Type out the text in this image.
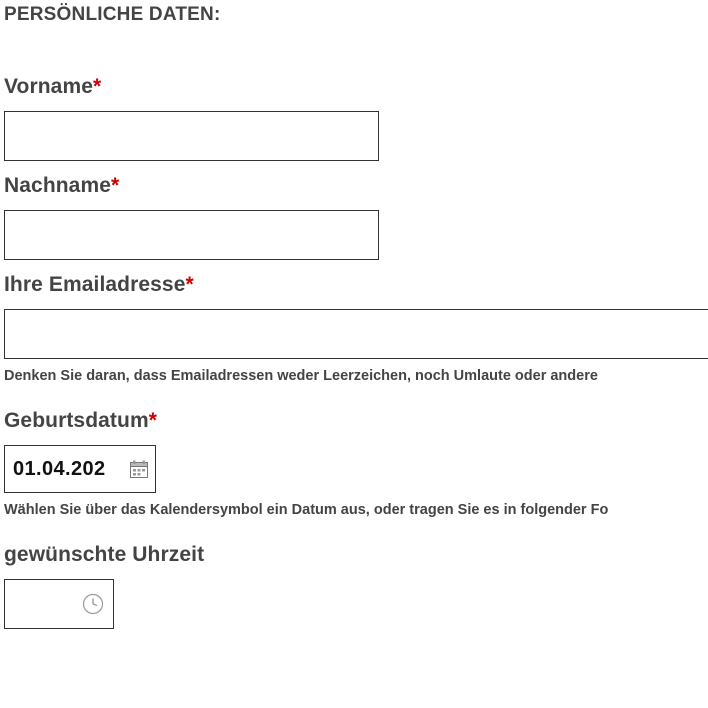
PERSÖNLICHE DATEN:
Vorname*
Nachname*
Ihre Emailadresse*
Denken Sie daran, dass Emailadressen weder Leerzeichen, noch Umlaute oder andere
Geburtsdatum*
01.04.202
Wählen Sie über das Kalendersymbol ein Datum aus, oder tragen Sie es in folgender Fo
gewünschte Uhrzeit
